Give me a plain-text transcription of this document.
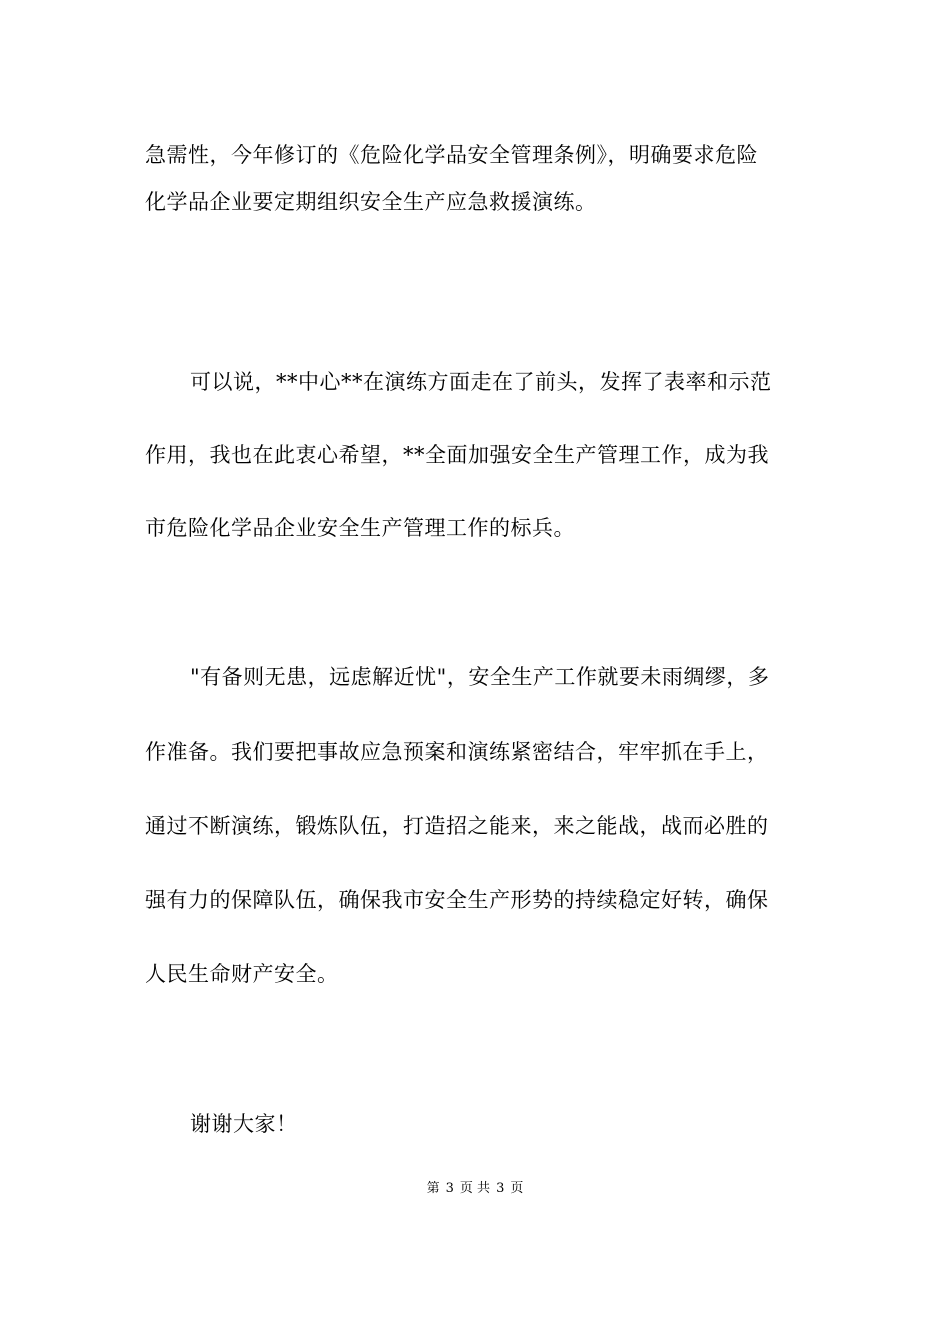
急需性，今年修订的《危险化学品安全管理条例》，明确要求危险
化学品企业要定期组织安全生产应急救援演练。
可以说，**中心**在演练方面走在了前头，发挥了表率和示范
作用，我也在此衷心希望，**全面加强安全生产管理工作，成为我
市危险化学品企业安全生产管理工作的标兵。
"有备则无患，远虑解近忧"，安全生产工作就要未雨绸缪，多
作准备。我们要把事故应急预案和演练紧密结合，牢牢抓在手上，
通过不断演练，锻炼队伍，打造招之能来，来之能战，战而必胜的
强有力的保障队伍，确保我市安全生产形势的持续稳定好转，确保
人民生命财产安全。
谢谢大家！
第 3 页 共 3 页
